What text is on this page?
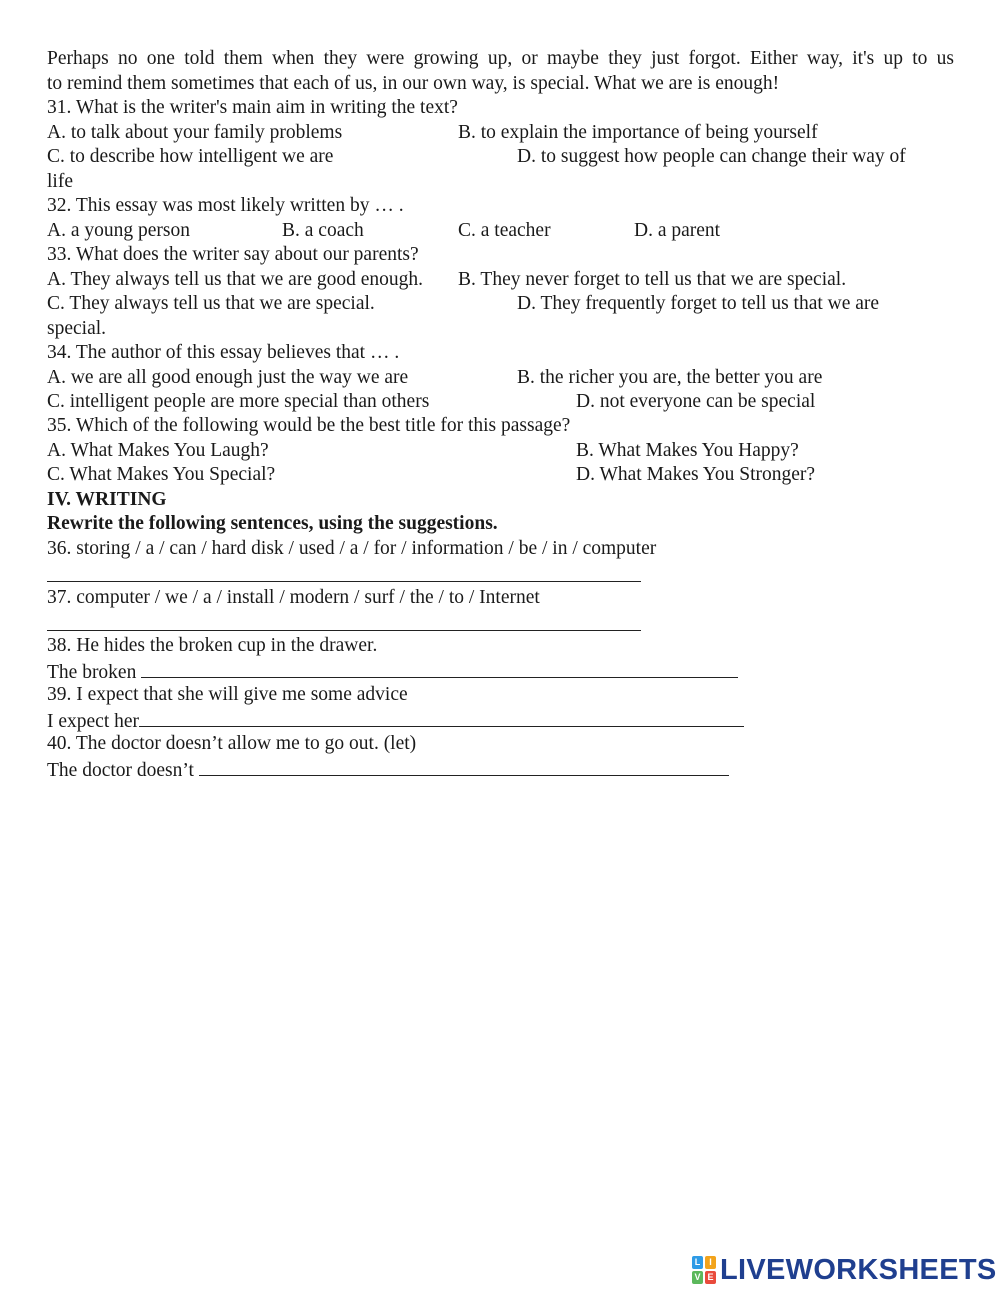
Perhaps no one told them when they were growing up, or maybe they just forgot. Either way, it's up to us
to remind them sometimes that each of us, in our own way, is special. What we are is enough!
31. What is the writer's main aim in writing the text?
A. to talk about your family problems	B. to explain the importance of being yourself
C. to describe how intelligent we are	D. to suggest how people can change their way of
life
32. This essay was most likely written by … .
A. a young person	B. a coach	C. a teacher	D. a parent
33. What does the writer say about our parents?
A. They always tell us that we are good enough. B. They never forget to tell us that we are special.
C. They always tell us that we are special.	D. They frequently forget to tell us that we are
special.
34. The author of this essay believes that … .
A. we are all good enough just the way we are	B. the richer you are, the better you are
C. intelligent people are more special than others	D. not everyone can be special
35. Which of the following would be the best title for this passage?
A. What Makes You Laugh?	B. What Makes You Happy?
C. What Makes You Special?	D. What Makes You Stronger?
IV. WRITING
Rewrite the following sentences, using the suggestions.
36. storing / a / can / hard disk / used / a / for / information / be / in / computer
37. computer / we / a / install / modern / surf / the / to / Internet
38. He hides the broken cup in the drawer.
The broken
39. I expect that she will give me some advice
I expect her
40. The doctor doesn’t allow me to go out. (let)
The doctor doesn’t
L I
V E LIVEWORKSHEETS
